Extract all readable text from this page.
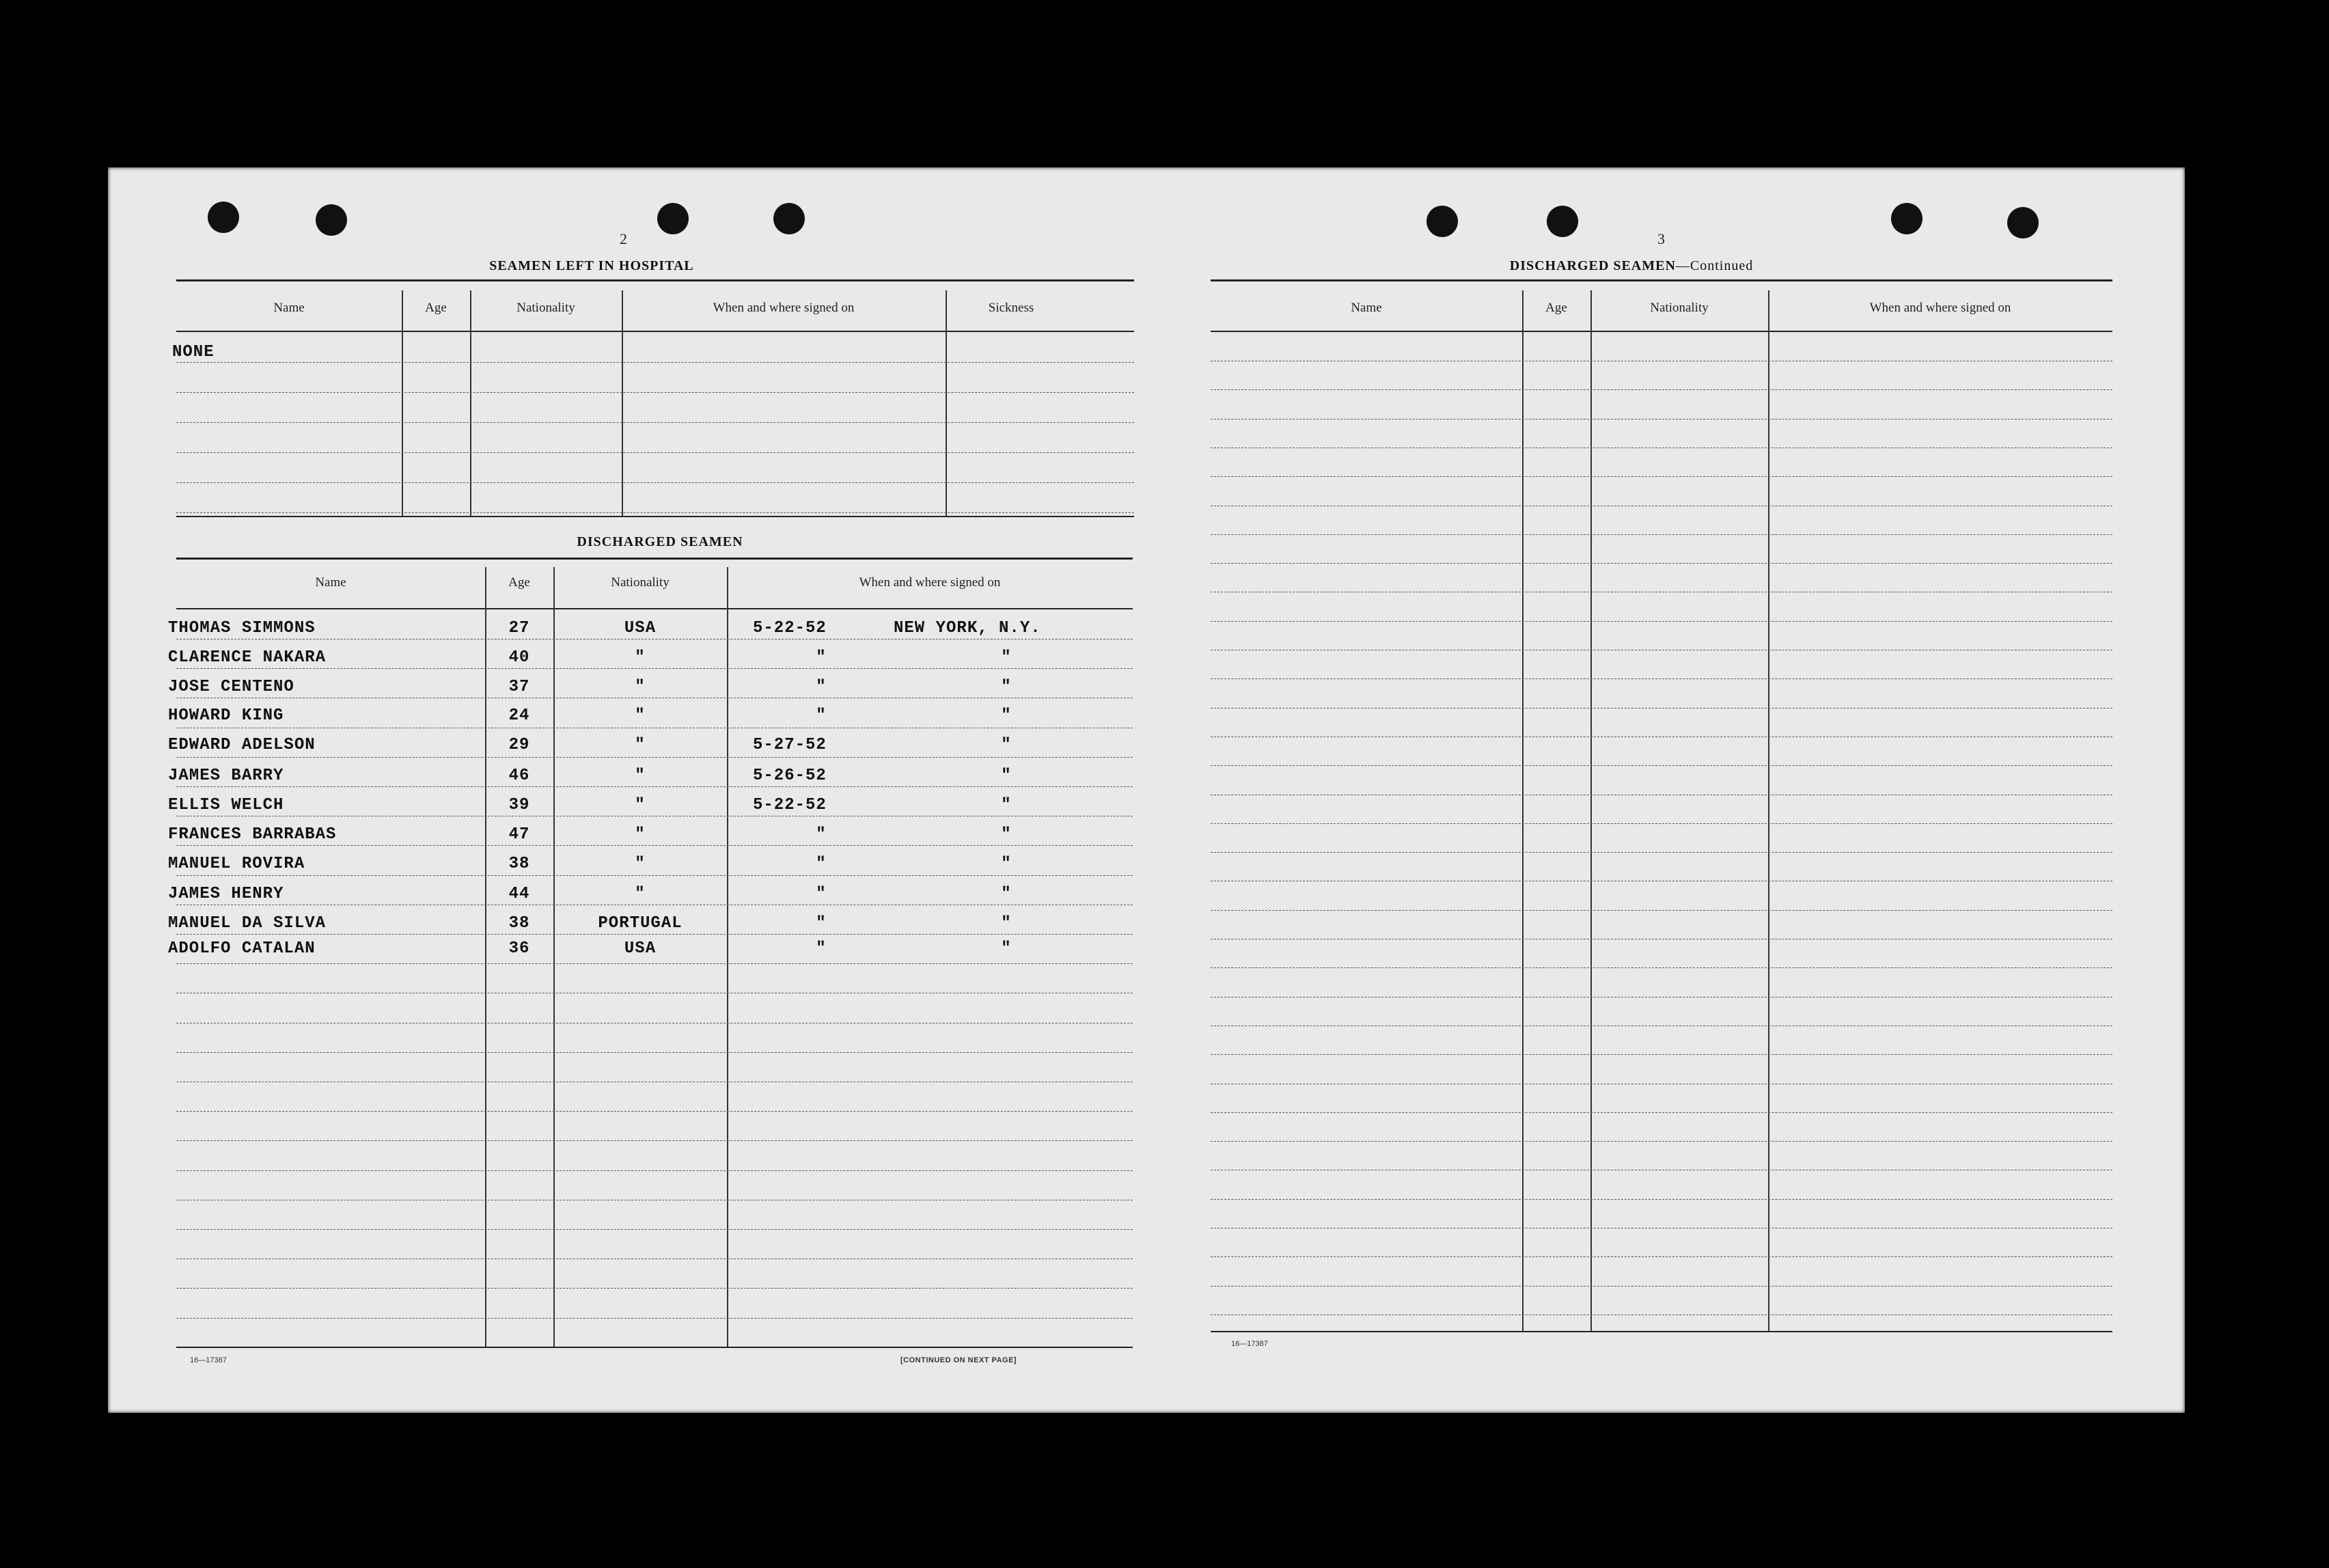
2
SEAMEN LEFT IN HOSPITAL
Name	Age	Nationality	When and where signed on	Sickness
NONE
DISCHARGED SEAMEN
Name	Age	Nationality	When and where signed on
THOMAS SIMMONS	27	USA	5-22-52	NEW YORK, N.Y.
CLARENCE NAKARA	40	"	"	"
JOSE CENTENO	37	"	"	"
HOWARD KING	24	"	"	"
EDWARD ADELSON	29	"	5-27-52	"
JAMES BARRY	46	"	5-26-52	"
ELLIS WELCH	39	"	5-22-52	"
FRANCES BARRABAS	47	"	"	"
MANUEL ROVIRA	38	"	"	"
JAMES HENRY	44	"	"	"
MANUEL DA SILVA	38	PORTUGAL	"	"
ADOLFO CATALAN	36	USA	"	"
16—17387	[CONTINUED ON NEXT PAGE]
3
DISCHARGED SEAMEN—Continued
Name	Age	Nationality	When and where signed on
16—17387
